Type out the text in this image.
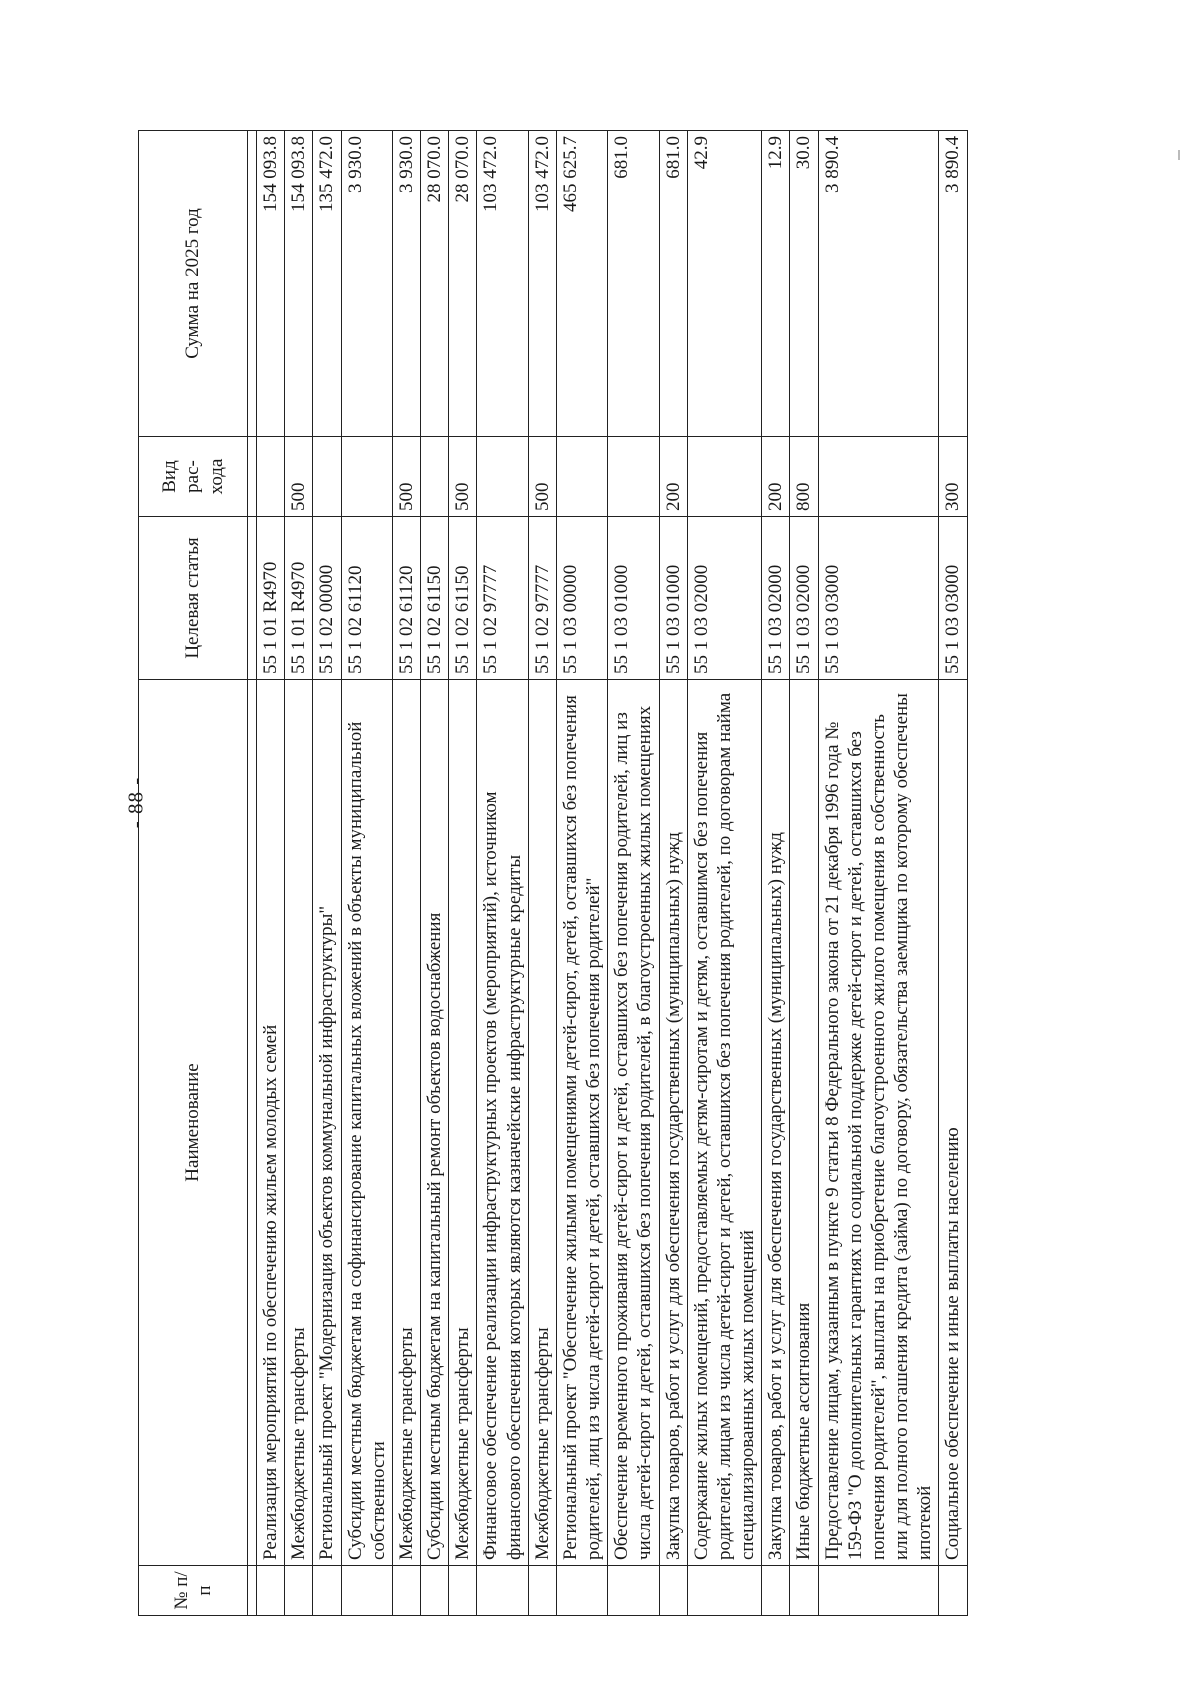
- 88 -
№ п/п	Наименование	Целевая статья	Вид рас- хода	Сумма на 2025 год

	Реализация мероприятий по обеспечению жильем молодых семей	55 1 01 R4970		154 093.8
	Межбюджетные трансферты	55 1 01 R4970	500	154 093.8
	Региональный проект "Модернизация объектов коммунальной инфраструктуры"	55 1 02 00000		135 472.0
	Субсидии местным бюджетам на софинансирование капитальных вложений в объекты муниципальной собственности	55 1 02 61120		3 930.0
	Межбюджетные трансферты	55 1 02 61120	500	3 930.0
	Субсидии местным бюджетам на капитальный ремонт объектов водоснабжения	55 1 02 61150		28 070.0
	Межбюджетные трансферты	55 1 02 61150	500	28 070.0
	Финансовое обеспечение реализации инфраструктурных проектов (мероприятий), источником финансового обеспечения которых являются казначейские инфраструктурные кредиты	55 1 02 97777		103 472.0
	Межбюджетные трансферты	55 1 02 97777	500	103 472.0
	Региональный проект "Обеспечение жилыми помещениями детей-сирот, детей, оставшихся без попечения родителей, лиц из числа детей-сирот и детей, оставшихся без попечения родителей"	55 1 03 00000		465 625.7
	Обеспечение временного проживания детей-сирот и детей, оставшихся без попечения родителей, лиц из числа детей-сирот и детей, оставшихся без попечения родителей, в благоустроенных жилых помещениях	55 1 03 01000		681.0
	Закупка товаров, работ и услуг для обеспечения государственных (муниципальных) нужд	55 1 03 01000	200	681.0
	Содержание жилых помещений, предоставляемых детям-сиротам и детям, оставшимся без попечения родителей, лицам из числа детей-сирот и детей, оставшихся без попечения родителей, по договорам найма специализированных жилых помещений	55 1 03 02000		42.9
	Закупка товаров, работ и услуг для обеспечения государственных (муниципальных) нужд	55 1 03 02000	200	12.9
	Иные бюджетные ассигнования	55 1 03 02000	800	30.0
	Предоставление лицам, указанным в пункте 9 статьи 8 Федерального закона от 21 декабря 1996 года № 159-ФЗ "О дополнительных гарантиях по социальной поддержке детей-сирот и детей, оставшихся без попечения родителей", выплаты на приобретение благоустроенного жилого помещения в собственность или для полного погашения кредита (займа) по договору, обязательства заемщика по которому обеспечены ипотекой	55 1 03 03000		3 890.4
	Социальное обеспечение и иные выплаты населению	55 1 03 03000	300	3 890.4
